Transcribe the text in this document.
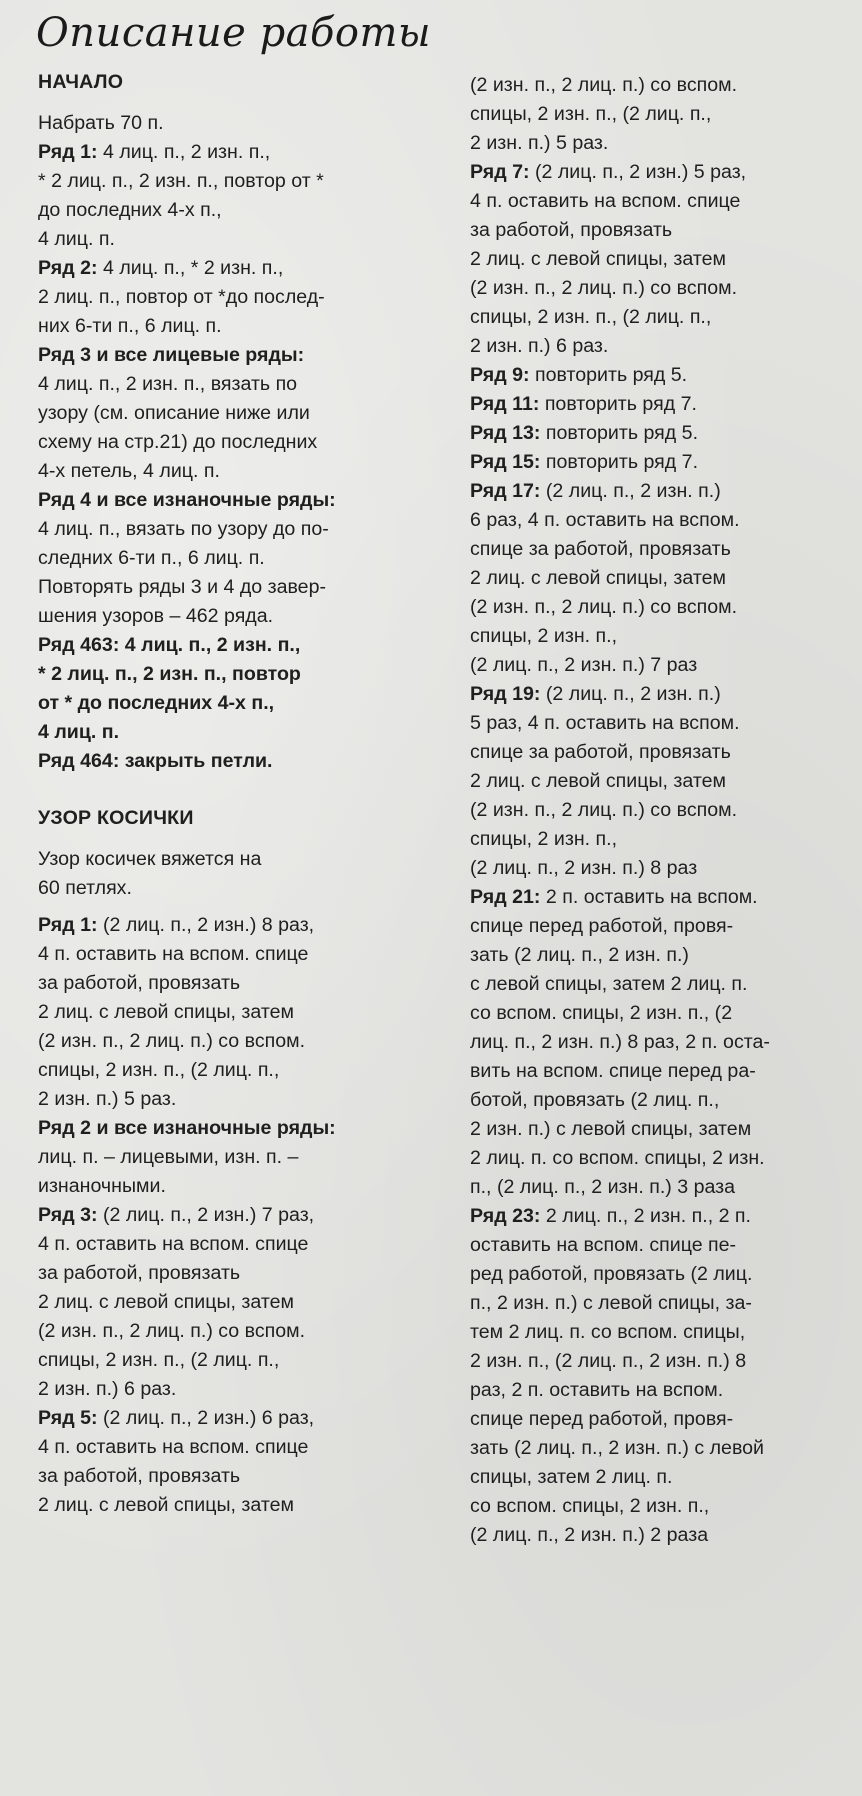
Описание работы
НАЧАЛО
Набрать 70 п.
Ряд 1: 4 лиц. п., 2 изн. п.,
* 2 лиц. п., 2 изн. п., повтор от *
до последних 4-х п.,
4 лиц. п.
Ряд 2: 4 лиц. п., * 2 изн. п.,
2 лиц. п., повтор от *до послед-
них 6-ти п., 6 лиц. п.
Ряд 3 и все лицевые ряды:
4 лиц. п., 2 изн. п., вязать по
узору (см. описание ниже или
схему на стр.21) до последних
4-х петель, 4 лиц. п.
Ряд 4 и все изнаночные ряды:
4 лиц. п., вязать по узору до по-
следних 6-ти п., 6 лиц. п.
Повторять ряды 3 и 4 до завер-
шения узоров – 462 ряда.
Ряд 463: 4 лиц. п., 2 изн. п.,
* 2 лиц. п., 2 изн. п., повтор
от * до последних 4-х п.,
4 лиц. п.
Ряд 464: закрыть петли.
УЗОР КОСИЧКИ
Узор косичек вяжется на
60 петлях.
Ряд 1: (2 лиц. п., 2 изн.) 8 раз,
4 п. оставить на вспом. спице
за работой, провязать
2 лиц. с левой спицы, затем
(2 изн. п., 2 лиц. п.) со вспом.
спицы, 2 изн. п., (2 лиц. п.,
2 изн. п.) 5 раз.
Ряд 2 и все изнаночные ряды:
лиц. п. – лицевыми, изн. п. –
изнаночными.
Ряд 3: (2 лиц. п., 2 изн.) 7 раз,
4 п. оставить на вспом. спице
за работой, провязать
2 лиц. с левой спицы, затем
(2 изн. п., 2 лиц. п.) со вспом.
спицы, 2 изн. п., (2 лиц. п.,
2 изн. п.) 6 раз.
Ряд 5: (2 лиц. п., 2 изн.) 6 раз,
4 п. оставить на вспом. спице
за работой, провязать
2 лиц. с левой спицы, затем
(2 изн. п., 2 лиц. п.) со вспом.
спицы, 2 изн. п., (2 лиц. п.,
2 изн. п.) 5 раз.
Ряд 7: (2 лиц. п., 2 изн.) 5 раз,
4 п. оставить на вспом. спице
за работой, провязать
2 лиц. с левой спицы, затем
(2 изн. п., 2 лиц. п.) со вспом.
спицы, 2 изн. п., (2 лиц. п.,
2 изн. п.) 6 раз.
Ряд 9: повторить ряд 5.
Ряд 11: повторить ряд 7.
Ряд 13: повторить ряд 5.
Ряд 15: повторить ряд 7.
Ряд 17: (2 лиц. п., 2 изн. п.)
6 раз, 4 п. оставить на вспом.
спице за работой, провязать
2 лиц. с левой спицы, затем
(2 изн. п., 2 лиц. п.) со вспом.
спицы, 2 изн. п.,
(2 лиц. п., 2 изн. п.) 7 раз
Ряд 19: (2 лиц. п., 2 изн. п.)
5 раз, 4 п. оставить на вспом.
спице за работой, провязать
2 лиц. с левой спицы, затем
(2 изн. п., 2 лиц. п.) со вспом.
спицы, 2 изн. п.,
(2 лиц. п., 2 изн. п.) 8 раз
Ряд 21: 2 п. оставить на вспом.
спице перед работой, провя-
зать (2 лиц. п., 2 изн. п.)
с левой спицы, затем 2 лиц. п.
со вспом. спицы, 2 изн. п., (2
лиц. п., 2 изн. п.) 8 раз, 2 п. оста-
вить на вспом. спице перед ра-
ботой, провязать (2 лиц. п.,
2 изн. п.) с левой спицы, затем
2 лиц. п. со вспом. спицы, 2 изн.
п., (2 лиц. п., 2 изн. п.) 3 раза
Ряд 23: 2 лиц. п., 2 изн. п., 2 п.
оставить на вспом. спице пе-
ред работой, провязать (2 лиц.
п., 2 изн. п.) с левой спицы, за-
тем 2 лиц. п. со вспом. спицы,
2 изн. п., (2 лиц. п., 2 изн. п.) 8
раз, 2 п. оставить на вспом.
спице перед работой, провя-
зать (2 лиц. п., 2 изн. п.) с левой
спицы, затем 2 лиц. п.
со вспом. спицы, 2 изн. п.,
(2 лиц. п., 2 изн. п.) 2 раза
